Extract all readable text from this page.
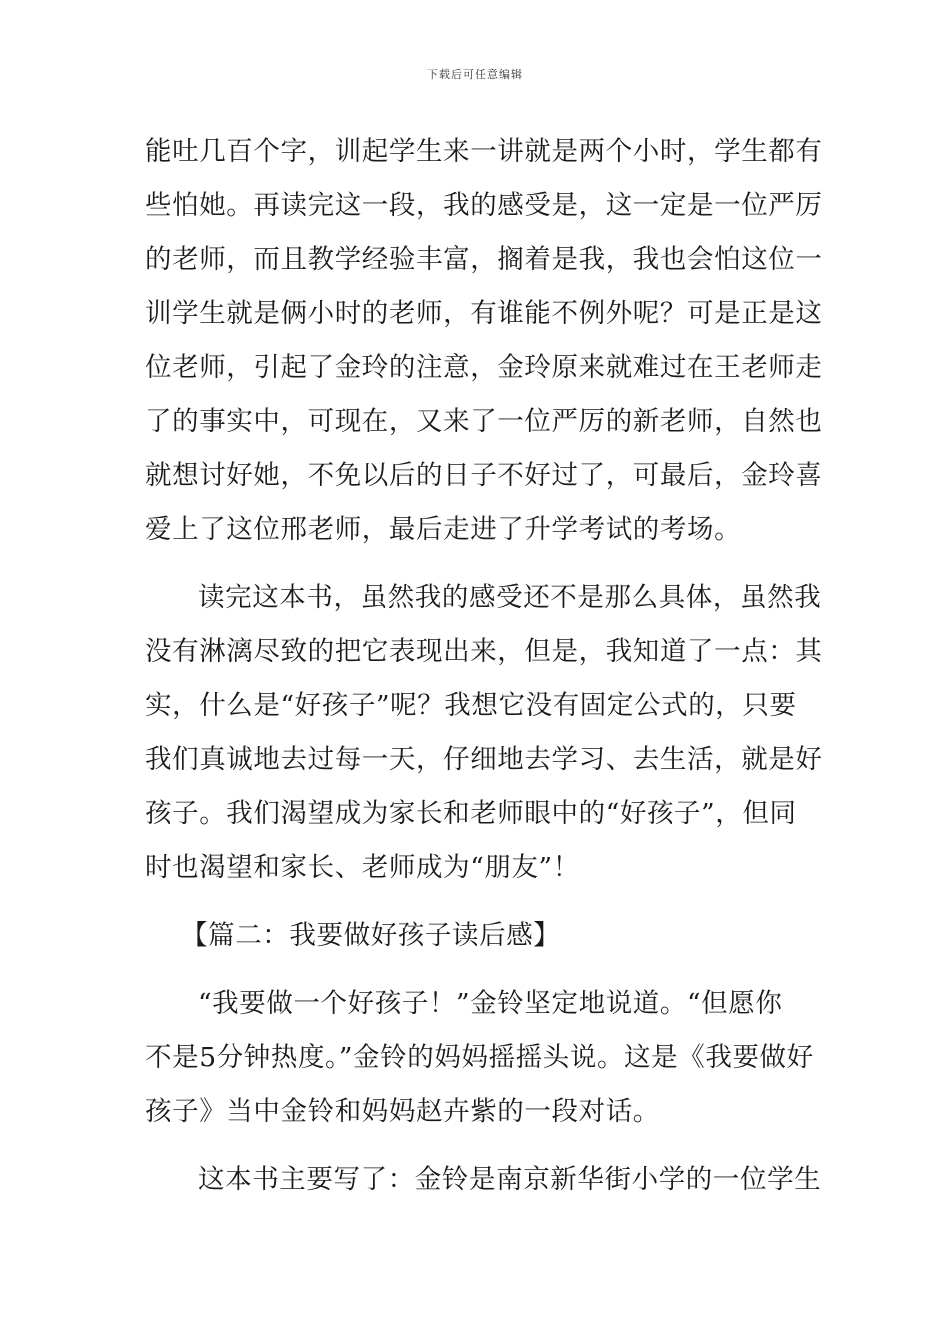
下载后可任意编辑
能吐几百个字，训起学生来一讲就是两个小时，学生都有
些怕她。再读完这一段，我的感受是，这一定是一位严厉
的老师，而且教学经验丰富，搁着是我，我也会怕这位一
训学生就是俩小时的老师，有谁能不例外呢？可是正是这
位老师，引起了金玲的注意，金玲原来就难过在王老师走
了的事实中，可现在，又来了一位严厉的新老师，自然也
就想讨好她，不免以后的日子不好过了，可最后，金玲喜
爱上了这位邢老师，最后走进了升学考试的考场。
读完这本书，虽然我的感受还不是那么具体，虽然我
没有淋漓尽致的把它表现出来，但是，我知道了一点：其
实，什么是“好孩子”呢？我想它没有固定公式的，只要
我们真诚地去过每一天，仔细地去学习、去生活，就是好
孩子。我们渴望成为家长和老师眼中的“好孩子”，但同
时也渴望和家长、老师成为“朋友”！
【篇二：我要做好孩子读后感】
“我要做一个好孩子！”金铃坚定地说道。“但愿你
不是5分钟热度。”金铃的妈妈摇摇头说。这是《我要做好
孩子》当中金铃和妈妈赵卉紫的一段对话。
这本书主要写了：金铃是南京新华街小学的一位学生
